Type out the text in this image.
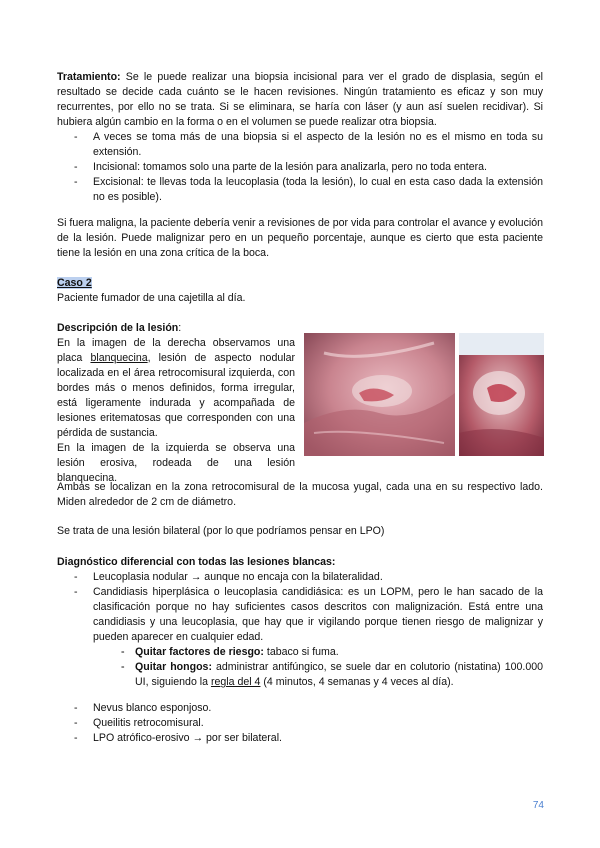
Tratamiento: Se le puede realizar una biopsia incisional para ver el grado de displasia, según el resultado se decide cada cuánto se le hacen revisiones. Ningún tratamiento es eficaz y son muy recurrentes, por ello no se trata. Si se eliminara, se haría con láser (y aun así suelen recidivar). Si hubiera algún cambio en la forma o en el volumen se puede realizar otra biopsia.
- A veces se toma más de una biopsia si el aspecto de la lesión no es el mismo en toda su extensión.
- Incisional: tomamos solo una parte de la lesión para analizarla, pero no toda entera.
- Excisional: te llevas toda la leucoplasia (toda la lesión), lo cual en esta caso dada la extensión no es posible).
Si fuera maligna, la paciente debería venir a revisiones de por vida para controlar el avance y evolución de la lesión. Puede malignizar pero en un pequeño porcentaje, aunque es cierto que esta paciente tiene la lesión en una zona crítica de la boca.
Caso 2
Paciente fumador de una cajetilla al día.
Descripción de la lesión:
En la imagen de la derecha observamos una placa blanquecina, lesión de aspecto nodular localizada en el área retrocomisural izquierda, con bordes más o menos definidos, forma irregular, está ligeramente indurada y acompañada de lesiones eritematosas que corresponden con una pérdida de sustancia.
En la imagen de la izquierda se observa una lesión erosiva, rodeada de una lesión blanquecina.
Ambas se localizan en la zona retrocomisural de la mucosa yugal, cada una en su respectivo lado. Miden alrededor de 2 cm de diámetro.
Se trata de una lesión bilateral (por lo que podríamos pensar en LPO)
Diagnóstico diferencial con todas las lesiones blancas:
- Leucoplasia nodular → aunque no encaja con la bilateralidad.
- Candidiasis hiperplásica o leucoplasia candidiásica: es un LOPM, pero le han sacado de la clasificación porque no hay suficientes casos descritos con malignización. Está entre una candidiasis y una leucoplasia, que hay que ir vigilando porque tienen riesgo de malignizar y pueden aparecer en cualquier edad.
- - Quitar factores de riesgo: tabaco si fuma.
- - Quitar hongos: administrar antifúngico, se suele dar en colutorio (nistatina) 100.000 UI, siguiendo la regla del 4 (4 minutos, 4 semanas y 4 veces al día).
- Nevus blanco esponjoso.
- Queilitis retrocomisural.
- LPO atrófico-erosivo → por ser bilateral.
74
